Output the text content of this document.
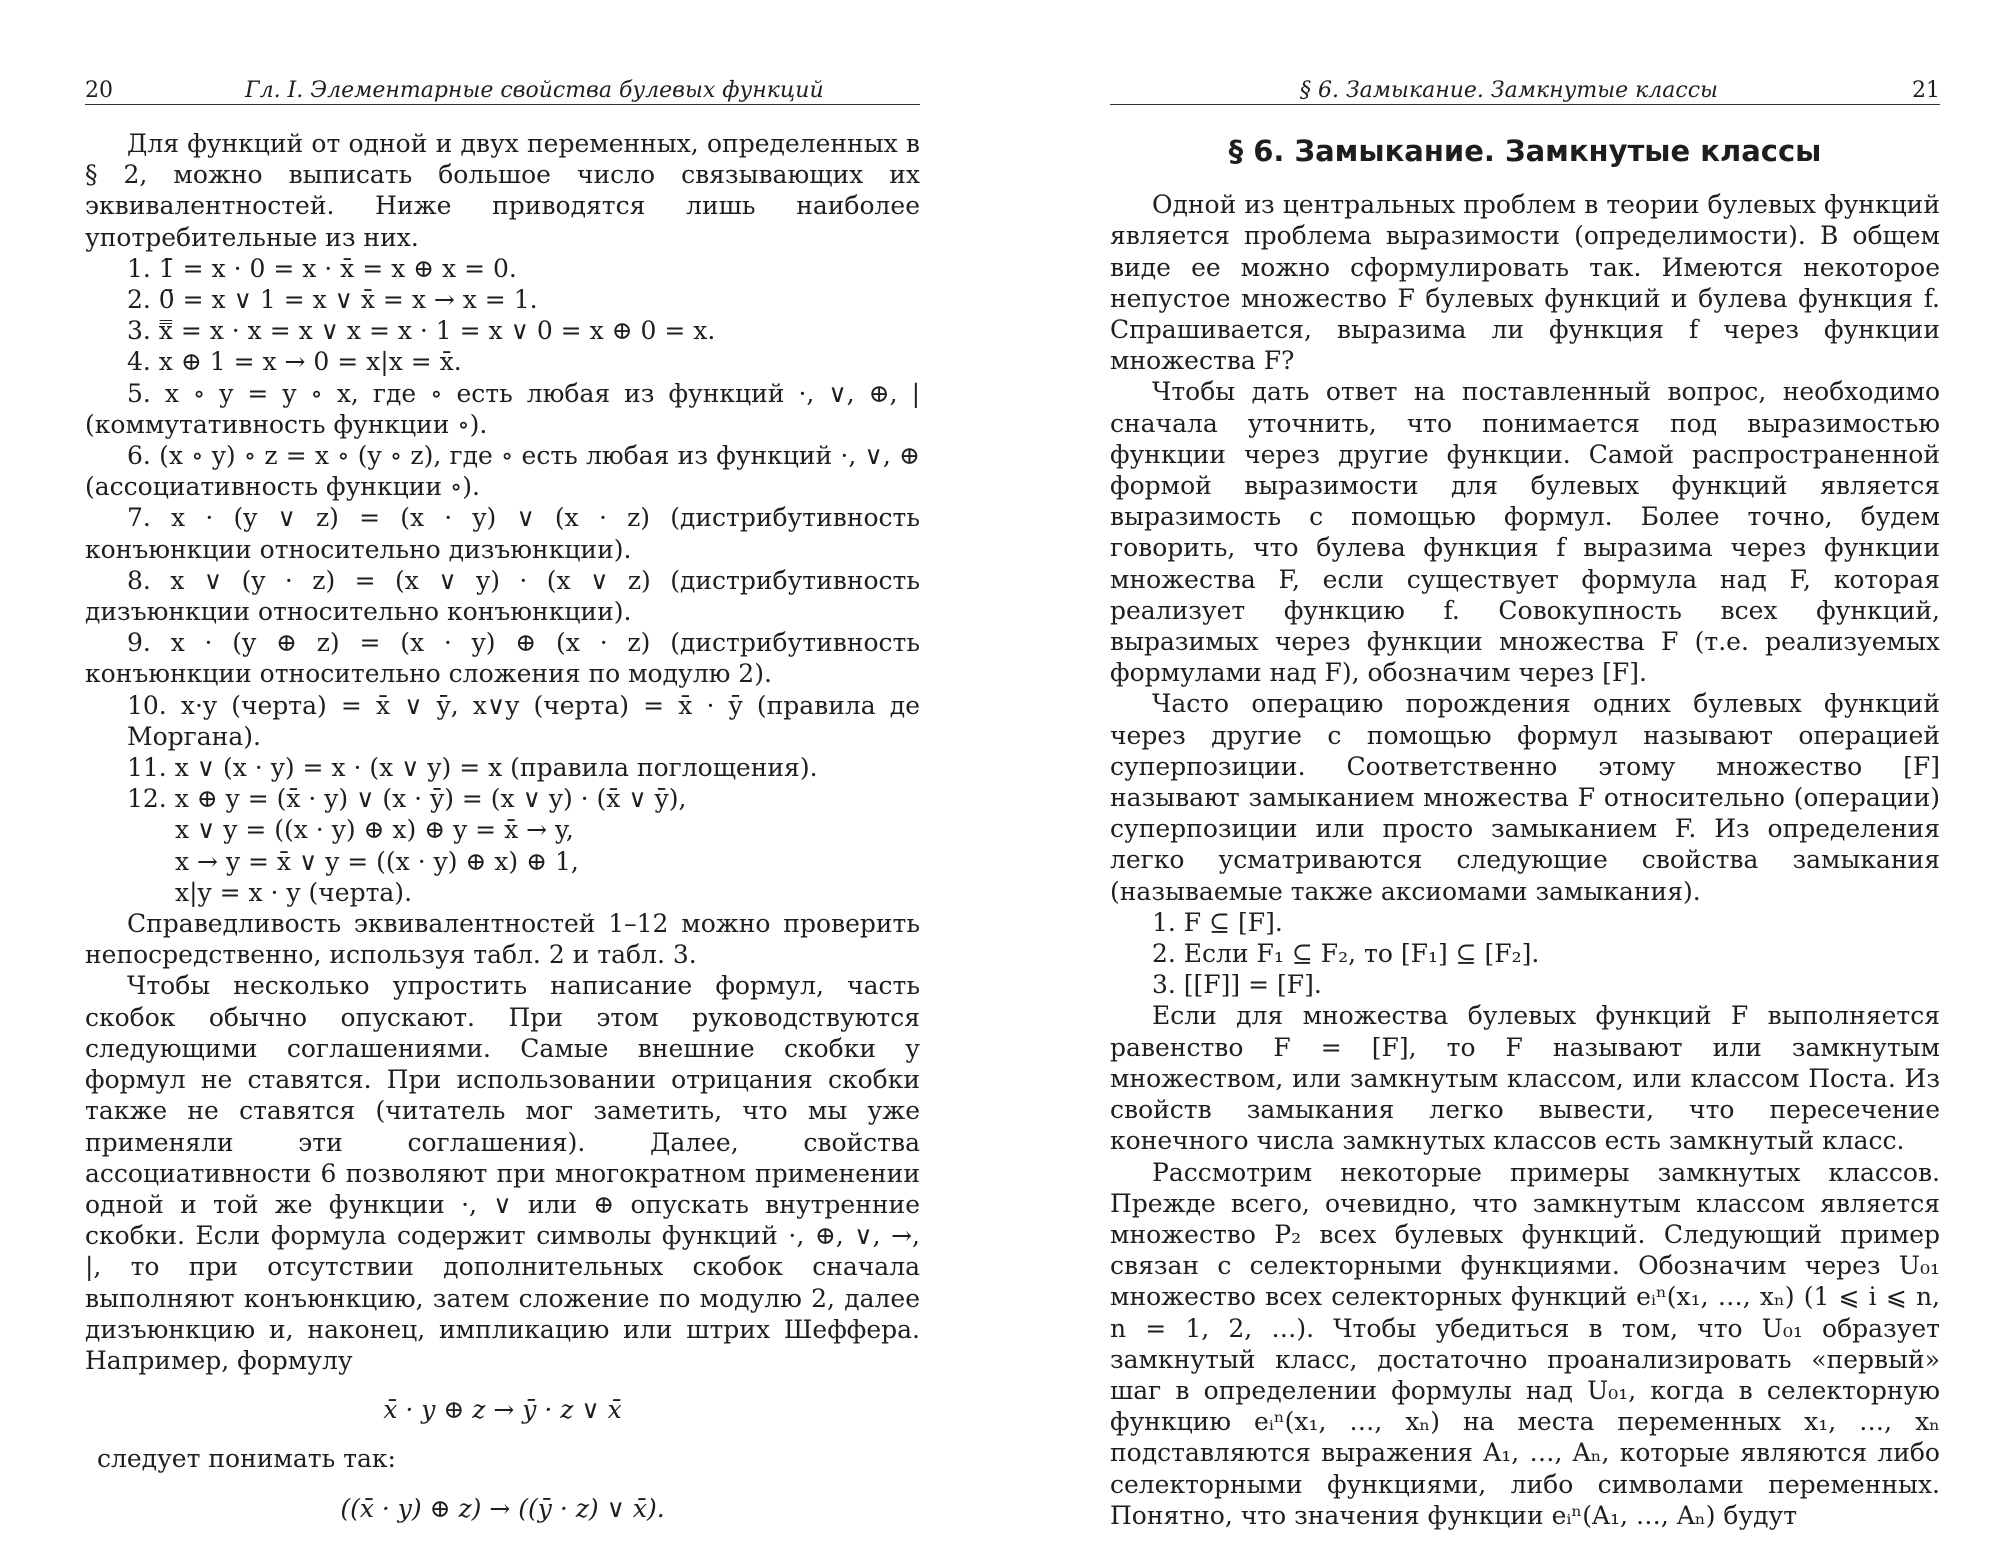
20	Гл. I. Элементарные свойства булевых функций

Для функций от одной и двух переменных, определенных в § 2, можно выписать большое число связывающих их эквивалентностей. Ниже приводятся лишь наиболее употребительные из них.

1. 1̄ = x · 0 = x · x̄ = x ⊕ x = 0.
2. 0̄ = x ∨ 1 = x ∨ x̄ = x → x = 1.
3. x̿ = x · x = x ∨ x = x · 1 = x ∨ 0 = x ⊕ 0 = x.
4. x ⊕ 1 = x → 0 = x|x = x̄.

5. x ∘ y = y ∘ x, где ∘ есть любая из функций ·, ∨, ⊕, | (коммутативность функции ∘).

6. (x ∘ y) ∘ z = x ∘ (y ∘ z), где ∘ есть любая из функций ·, ∨, ⊕ (ассоциативность функции ∘).

7. x · (y ∨ z) = (x · y) ∨ (x · z) (дистрибутивность конъюнкции относительно дизъюнкции).

8. x ∨ (y · z) = (x ∨ y) · (x ∨ z) (дистрибутивность дизъюнкции относительно конъюнкции).

9. x · (y ⊕ z) = (x · y) ⊕ (x · z) (дистрибутивность конъюнкции относительно сложения по модулю 2).

10. x·y (черта) = x̄ ∨ ȳ, x∨y (черта) = x̄ · ȳ (правила де Моргана).
11. x ∨ (x · y) = x · (x ∨ y) = x (правила поглощения).
12. x ⊕ y = (x̄ · y) ∨ (x · ȳ) = (x ∨ y) · (x̄ ∨ ȳ),
x ∨ y = ((x · y) ⊕ x) ⊕ y = x̄ → y,
x → y = x̄ ∨ y = ((x · y) ⊕ x) ⊕ 1,
x|y = x · y (черта).

Справедливость эквивалентностей 1–12 можно проверить непосредственно, используя табл. 2 и табл. 3.

Чтобы несколько упростить написание формул, часть скобок обычно опускают. При этом руководствуются следующими соглашениями. Самые внешние скобки у формул не ставятся. При использовании отрицания скобки также не ставятся (читатель мог заметить, что мы уже применяли эти соглашения). Далее, свойства ассоциативности 6 позволяют при многократном применении одной и той же функции ·, ∨ или ⊕ опускать внутренние скобки. Если формула содержит символы функций ·, ⊕, ∨, →, |, то при отсутствии дополнительных скобок сначала выполняют конъюнкцию, затем сложение по модулю 2, далее дизъюнкцию и, наконец, импликацию или штрих Шеффера. Например, формулу

x̄ · y ⊕ z → ȳ · z ∨ x̄

следует понимать так:

((x̄ · y) ⊕ z) → ((ȳ · z) ∨ x̄).
§ 6. Замыкание. Замкнутые классы	21
§ 6. Замыкание. Замкнутые классы

Одной из центральных проблем в теории булевых функций является проблема выразимости (определимости). В общем виде ее можно сформулировать так. Имеются некоторое непустое множество F булевых функций и булева функция f. Спрашивается, выразима ли функция f через функции множества F?

Чтобы дать ответ на поставленный вопрос, необходимо сначала уточнить, что понимается под выразимостью функции через другие функции. Самой распространенной формой выразимости для булевых функций является выразимость с помощью формул. Более точно, будем говорить, что булева функция f выразима через функции множества F, если существует формула над F, которая реализует функцию f. Совокупность всех функций, выразимых через функции множества F (т.е. реализуемых формулами над F), обозначим через [F].

Часто операцию порождения одних булевых функций через другие с помощью формул называют операцией суперпозиции. Соответственно этому множество [F] называют замыканием множества F относительно (операции) суперпозиции или просто замыканием F. Из определения легко усматриваются следующие свойства замыкания (называемые также аксиомами замыкания).

1. F ⊆ [F].
2. Если F₁ ⊆ F₂, то [F₁] ⊆ [F₂].
3. [[F]] = [F].

Если для множества булевых функций F выполняется равенство F = [F], то F называют или замкнутым множеством, или замкнутым классом, или классом Поста. Из свойств замыкания легко вывести, что пересечение конечного числа замкнутых классов есть замкнутый класс.

Рассмотрим некоторые примеры замкнутых классов. Прежде всего, очевидно, что замкнутым классом является множество P₂ всех булевых функций. Следующий пример связан с селекторными функциями. Обозначим через U₀₁ множество всех селекторных функций eᵢⁿ(x₁, …, xₙ) (1 ⩽ i ⩽ n, n = 1, 2, …). Чтобы убедиться в том, что U₀₁ образует замкнутый класс, достаточно проанализировать «первый» шаг в определении формулы над U₀₁, когда в селекторную функцию eᵢⁿ(x₁, …, xₙ) на места переменных x₁, …, xₙ подставляются выражения A₁, …, Aₙ, которые являются либо селекторными функциями, либо символами переменных. Понятно, что значения функции eᵢⁿ(A₁, …, Aₙ) будут
